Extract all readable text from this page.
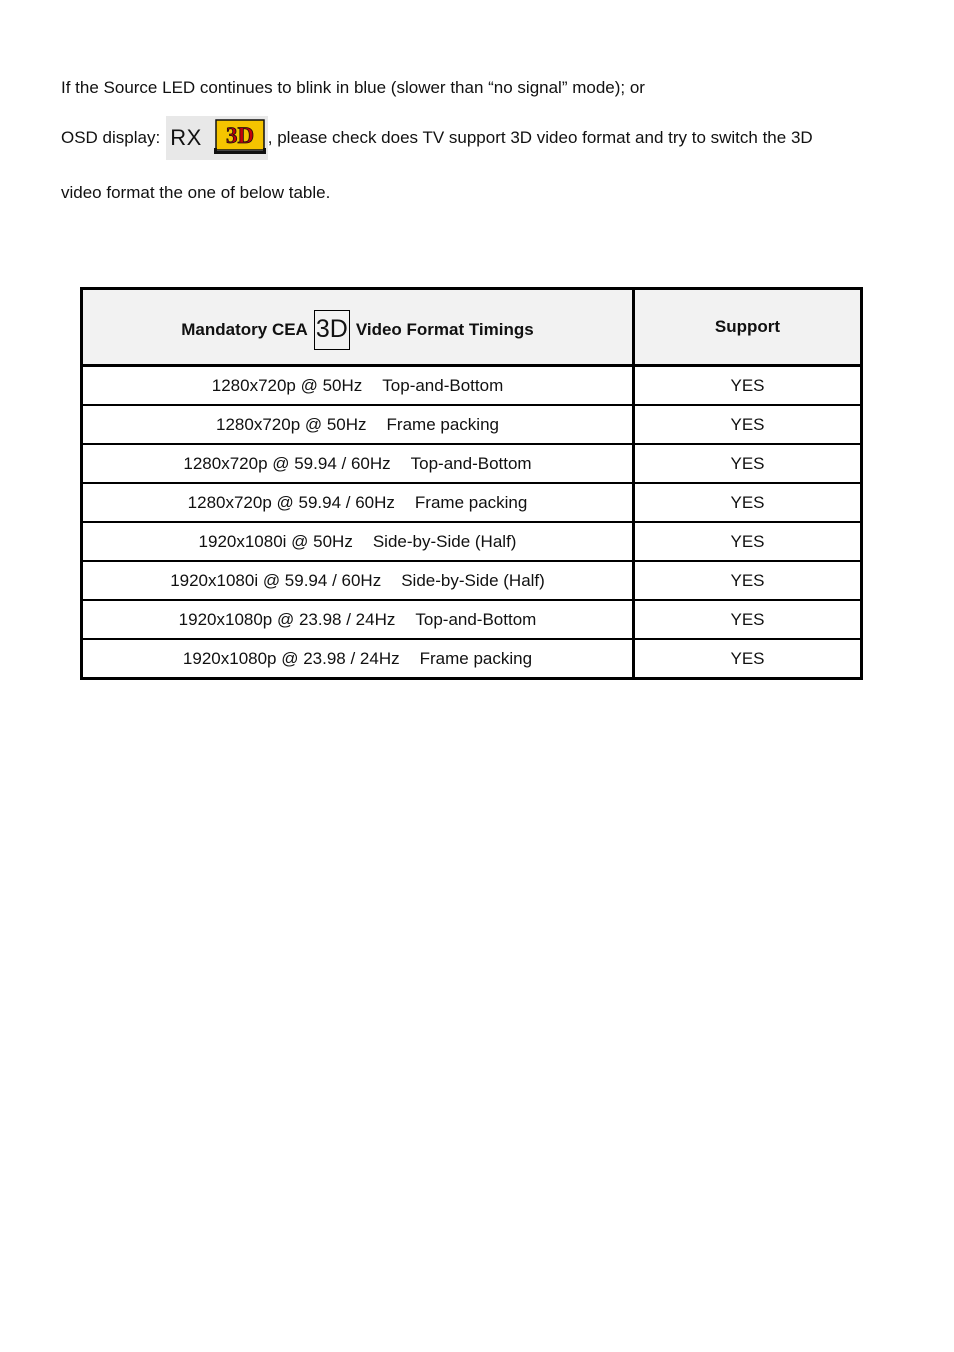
If the Source LED continues to blink in blue (slower than “no signal” mode); or
OSD display: RX 3D , please check does TV support 3D video format and try to switch the 3D
video format the one of below table.
Mandatory CEA 3D Video Format Timings	Support
1280x720p @ 50Hz Top-and-Bottom	YES
1280x720p @ 50Hz Frame packing	YES
1280x720p @ 59.94 / 60Hz Top-and-Bottom	YES
1280x720p @ 59.94 / 60Hz Frame packing	YES
1920x1080i @ 50Hz Side-by-Side (Half)	YES
1920x1080i @ 59.94 / 60Hz Side-by-Side (Half)	YES
1920x1080p @ 23.98 / 24Hz Top-and-Bottom	YES
1920x1080p @ 23.98 / 24Hz Frame packing	YES
